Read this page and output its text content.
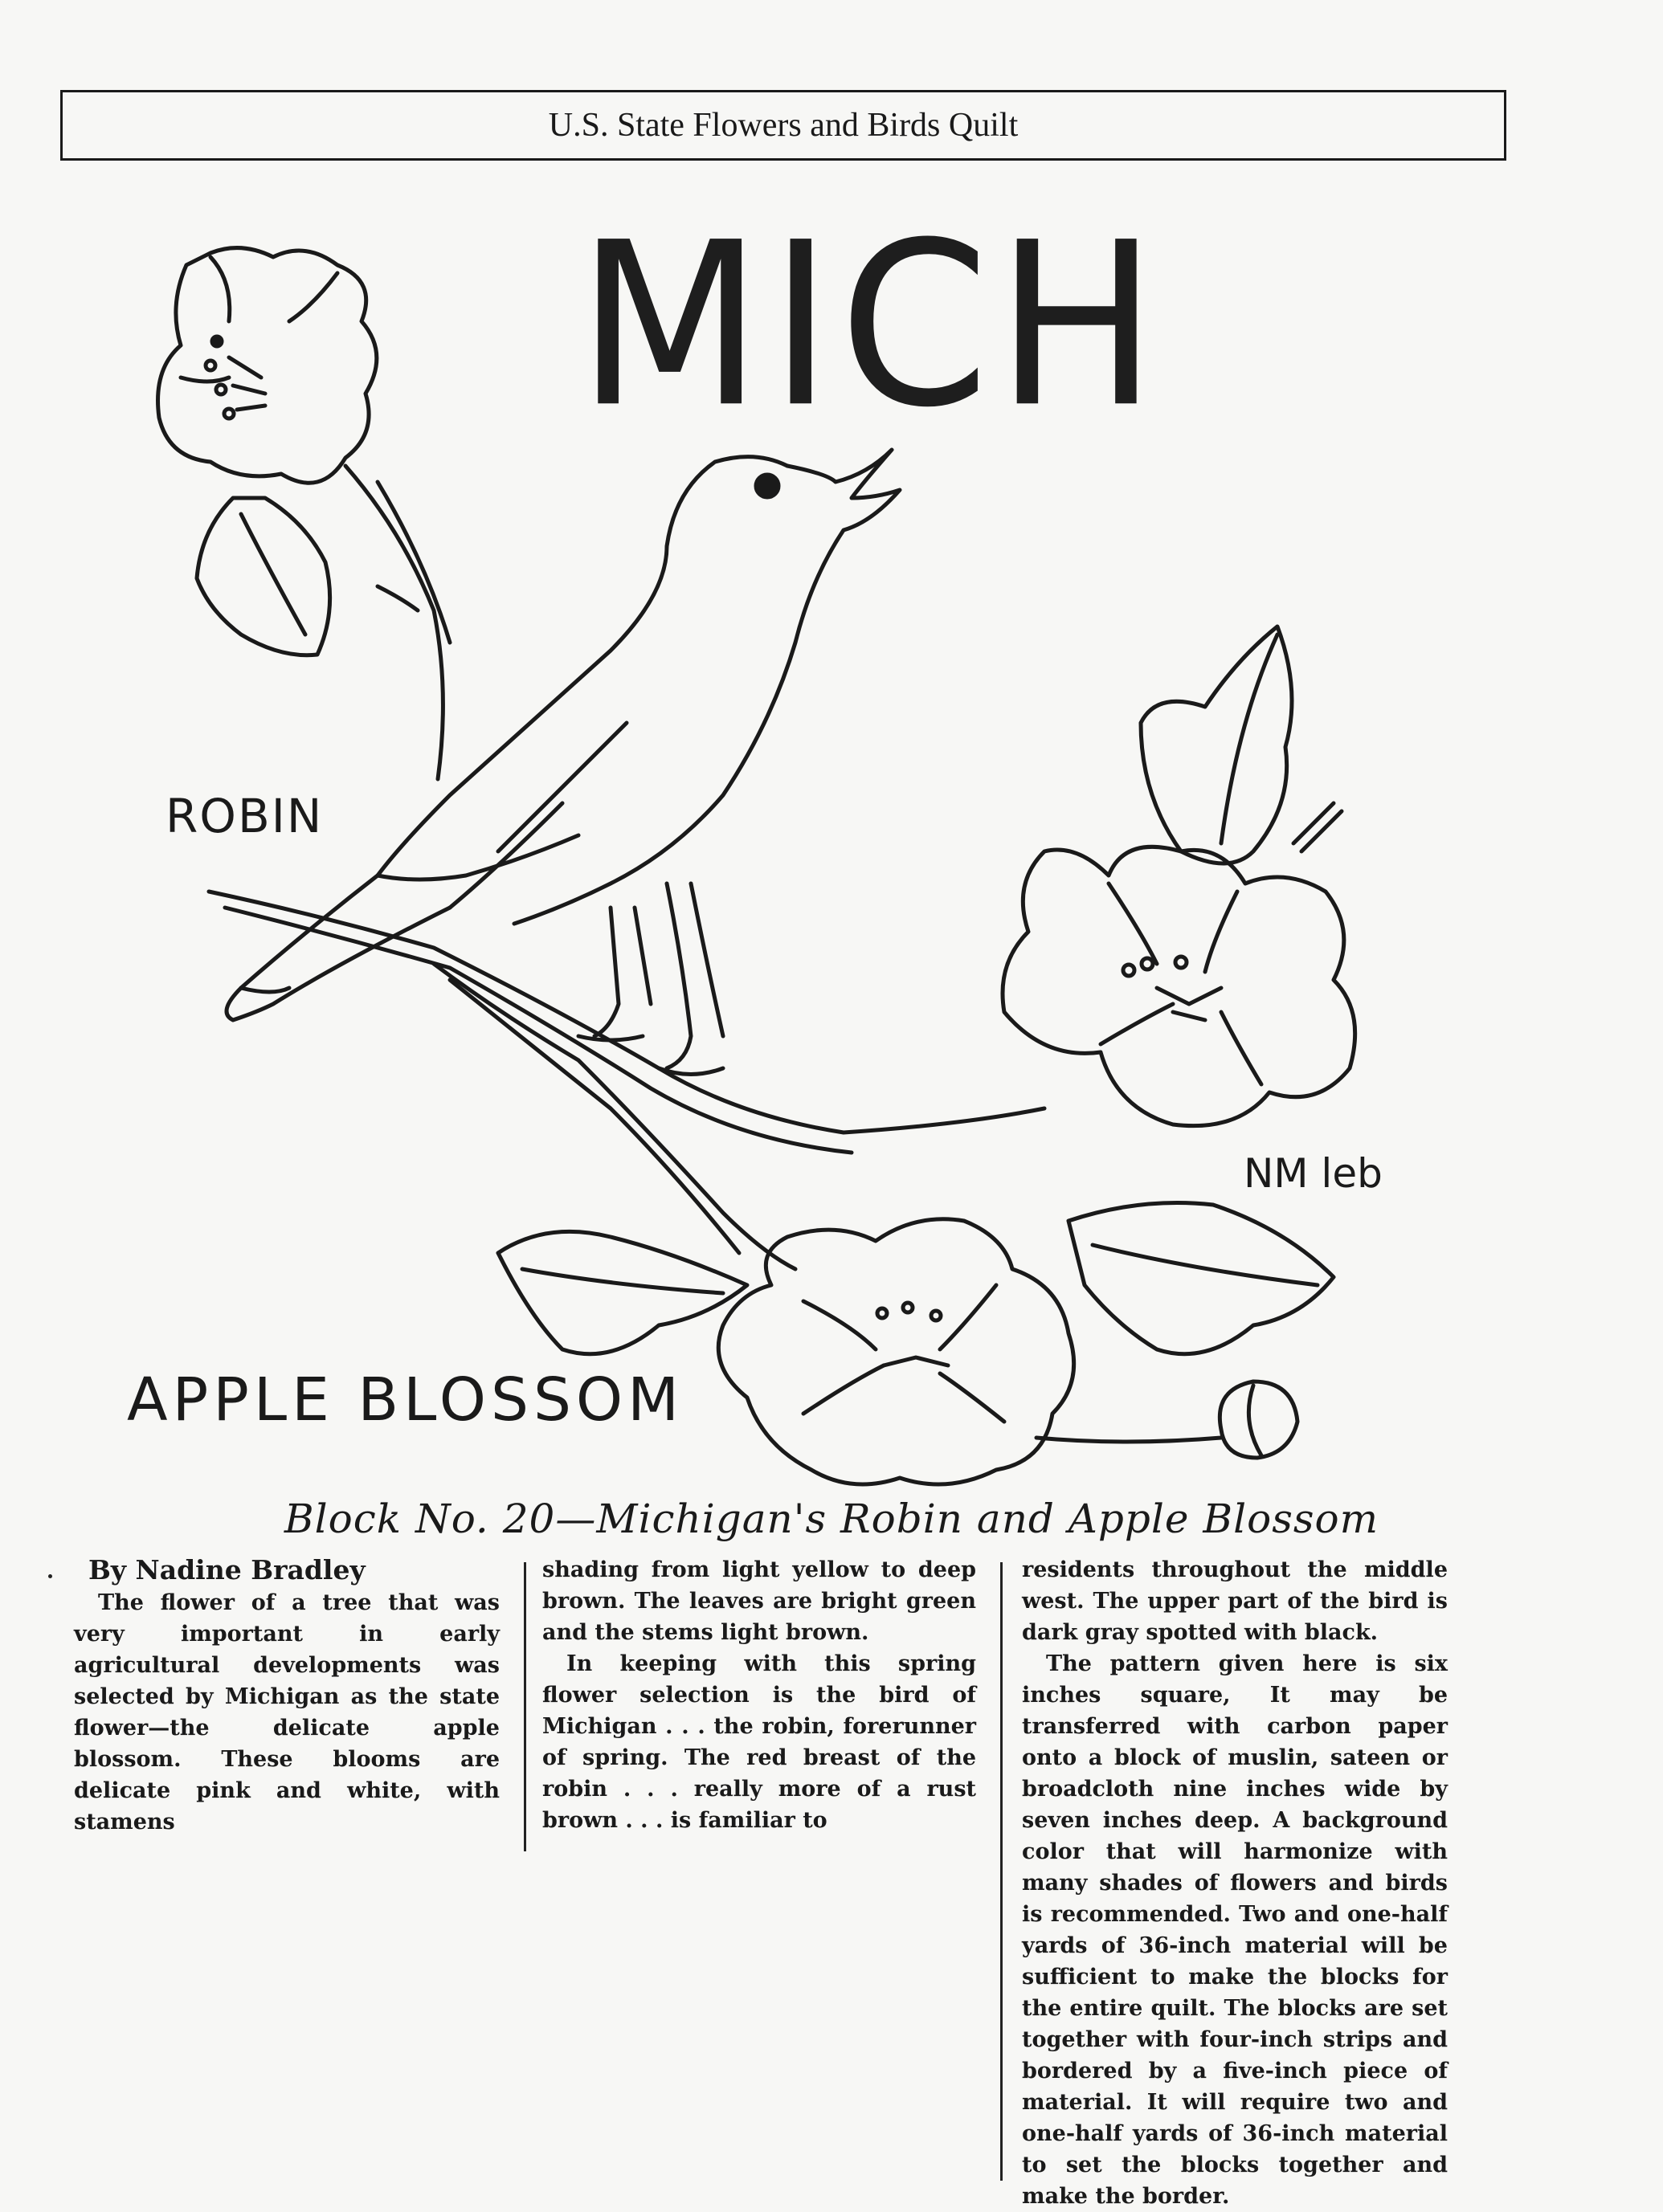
U.S. State Flowers and Birds Quilt
MICH
ROBIN
APPLE BLOSSOM
NM leb
Block No. 20—Michigan's Robin and Apple Blossom
By Nadine Bradley

The flower of a tree that was very important in early agricultural developments was selected by Michigan as the state flower—the delicate apple blossom. These blooms are delicate pink and white, with stamens

shading from light yellow to deep brown. The leaves are bright green and the stems light brown.

In keeping with this spring flower selection is the bird of Michigan . . . the robin, forerunner of spring. The red breast of the robin . . . really more of a rust brown . . . is familiar to

residents throughout the middle west. The upper part of the bird is dark gray spotted with black.

The pattern given here is six inches square, It may be transferred with carbon paper onto a block of muslin, sateen or broadcloth nine inches wide by seven inches deep. A background color that will harmonize with many shades of flowers and birds is recommended. Two and one-half yards of 36-inch material will be sufficient to make the blocks for the entire quilt. The blocks are set together with four-inch strips and bordered by a five-inch piece of material. It will require two and one-half yards of 36-inch material to set the blocks together and make the border.
